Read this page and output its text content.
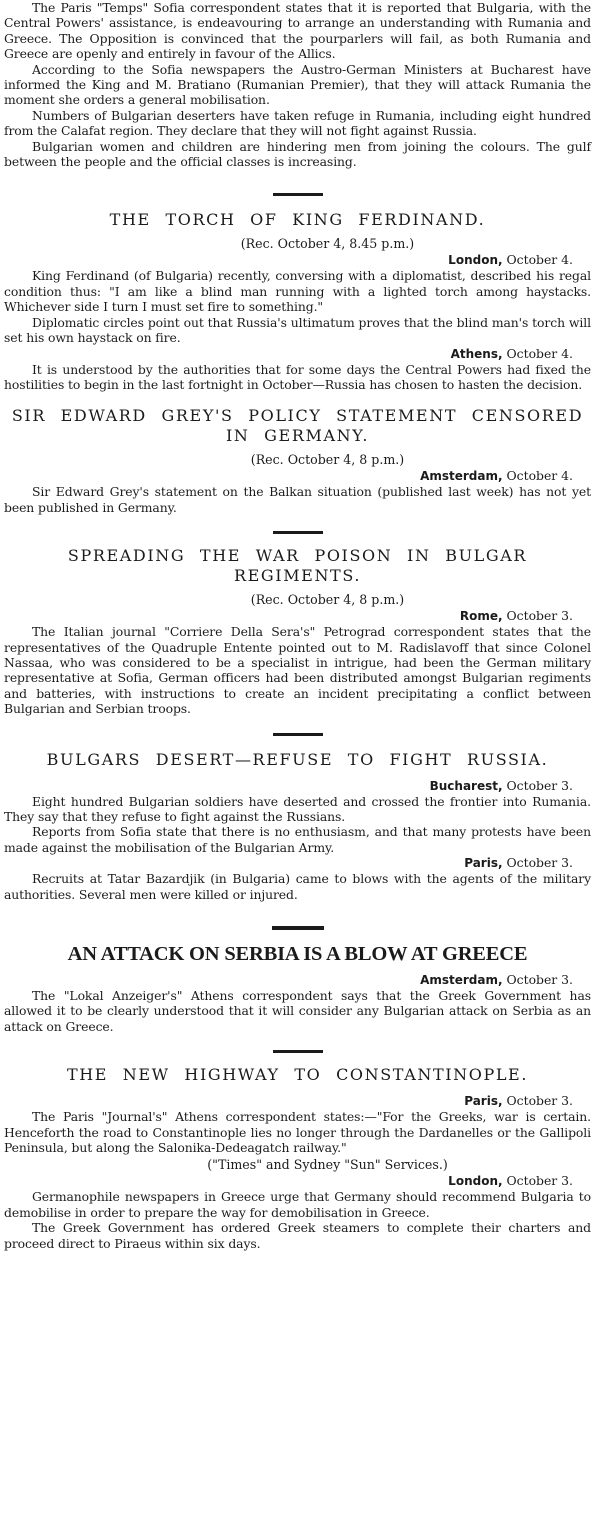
The Paris "Temps" Sofia correspondent states that it is reported that Bulgaria, with the Central Powers' assistance, is endeavouring to arrange an understanding with Rumania and Greece. The Opposition is convinced that the pourparlers will fail, as both Rumania and Greece are openly and entirely in favour of the Allics.

According to the Sofia newspapers the Austro-German Ministers at Bucharest have informed the King and M. Bratiano (Rumanian Premier), that they will attack Rumania the moment she orders a general mobilisation.

Numbers of Bulgarian deserters have taken refuge in Rumania, including eight hundred from the Calafat region. They declare that they will not fight against Russia.

Bulgarian women and children are hindering men from joining the colours. The gulf between the people and the official classes is increasing.

THE TORCH OF KING FERDINAND.

(Rec. October 4, 8.45 p.m.)

London, October 4.

King Ferdinand (of Bulgaria) recently, conversing with a diplomatist, described his regal condition thus: "I am like a blind man running with a lighted torch among haystacks. Whichever side I turn I must set fire to something."

Diplomatic circles point out that Russia's ultimatum proves that the blind man's torch will set his own haystack on fire.

Athens, October 4.

It is understood by the authorities that for some days the Central Powers had fixed the hostilities to begin in the last fortnight in October—Russia has chosen to hasten the decision.

SIR EDWARD GREY'S POLICY STATEMENT CENSORED IN GERMANY.

(Rec. October 4, 8 p.m.)

Amsterdam, October 4.

Sir Edward Grey's statement on the Balkan situation (published last week) has not yet been published in Germany.

SPREADING THE WAR POISON IN BULGAR REGIMENTS.

(Rec. October 4, 8 p.m.)

Rome, October 3.

The Italian journal "Corriere Della Sera's" Petrograd correspondent states that the representatives of the Quadruple Entente pointed out to M. Radislavoff that since Colonel Nassaa, who was considered to be a specialist in intrigue, had been the German military representative at Sofia, German officers had been distributed amongst Bulgarian regiments and batteries, with instructions to create an incident precipitating a conflict between Bulgarian and Serbian troops.

BULGARS DESERT—REFUSE TO FIGHT RUSSIA.

Bucharest, October 3.

Eight hundred Bulgarian soldiers have deserted and crossed the frontier into Rumania. They say that they refuse to fight against the Russians.

Reports from Sofia state that there is no enthusiasm, and that many protests have been made against the mobilisation of the Bulgarian Army.

Paris, October 3.

Recruits at Tatar Bazardjik (in Bulgaria) came to blows with the agents of the military authorities. Several men were killed or injured.

AN ATTACK ON SERBIA IS A BLOW AT GREECE

Amsterdam, October 3.

The "Lokal Anzeiger's" Athens correspondent says that the Greek Government has allowed it to be clearly understood that it will consider any Bulgarian attack on Serbia as an attack on Greece.

THE NEW HIGHWAY TO CONSTANTINOPLE.

Paris, October 3.

The Paris "Journal's" Athens correspondent states:—"For the Greeks, war is certain. Henceforth the road to Constantinople lies no longer through the Dardanelles or the Gallipoli Peninsula, but along the Salonika-Dedeagatch railway."

("Times" and Sydney "Sun" Services.)

London, October 3.

Germanophile newspapers in Greece urge that Germany should recommend Bulgaria to demobilise in order to prepare the way for demobilisation in Greece.

The Greek Government has ordered Greek steamers to complete their charters and proceed direct to Piraeus within six days.
